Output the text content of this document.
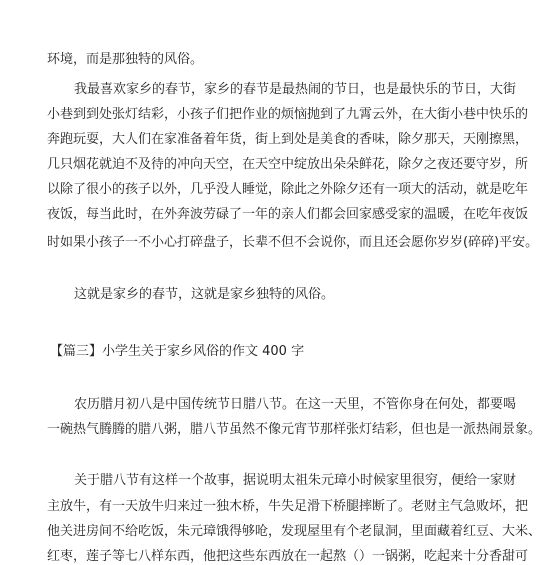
环境，而是那独特的风俗。
我最喜欢家乡的春节，家乡的春节是最热闹的节日，也是最快乐的节日，大街
小巷到到处张灯结彩，小孩子们把作业的烦恼抛到了九霄云外，在大街小巷中快乐的
奔跑玩耍，大人们在家准备着年货，街上到处是美食的香味，除夕那天，天刚擦黑，
几只烟花就迫不及待的冲向天空，在天空中绽放出朵朵鲜花，除夕之夜还要守岁，所
以除了很小的孩子以外，几乎没人睡觉，除此之外除夕还有一项大的活动，就是吃年
夜饭，每当此时，在外奔波劳碌了一年的亲人们都会回家感受家的温暖，在吃年夜饭
时如果小孩子一不小心打碎盘子，长辈不但不会说你，而且还会愿你岁岁(碎碎)平安。
这就是家乡的春节，这就是家乡独特的风俗。
【篇三】小学生关于家乡风俗的作文 400 字
农历腊月初八是中国传统节日腊八节。在这一天里，不管你身在何处，都要喝
一碗热气腾腾的腊八粥，腊八节虽然不像元宵节那样张灯结彩，但也是一派热闹景象。
关于腊八节有这样一个故事，据说明太祖朱元璋小时候家里很穷，便给一家财
主放牛，有一天放牛归来过一独木桥，牛失足滑下桥腿摔断了。老财主气急败坏，把
他关进房间不给吃饭，朱元璋饿得够呛，发现屋里有个老鼠洞，里面藏着红豆、大米、
红枣，莲子等七八样东西，他把这些东西放在一起熬（）一锅粥，吃起来十分香甜可
